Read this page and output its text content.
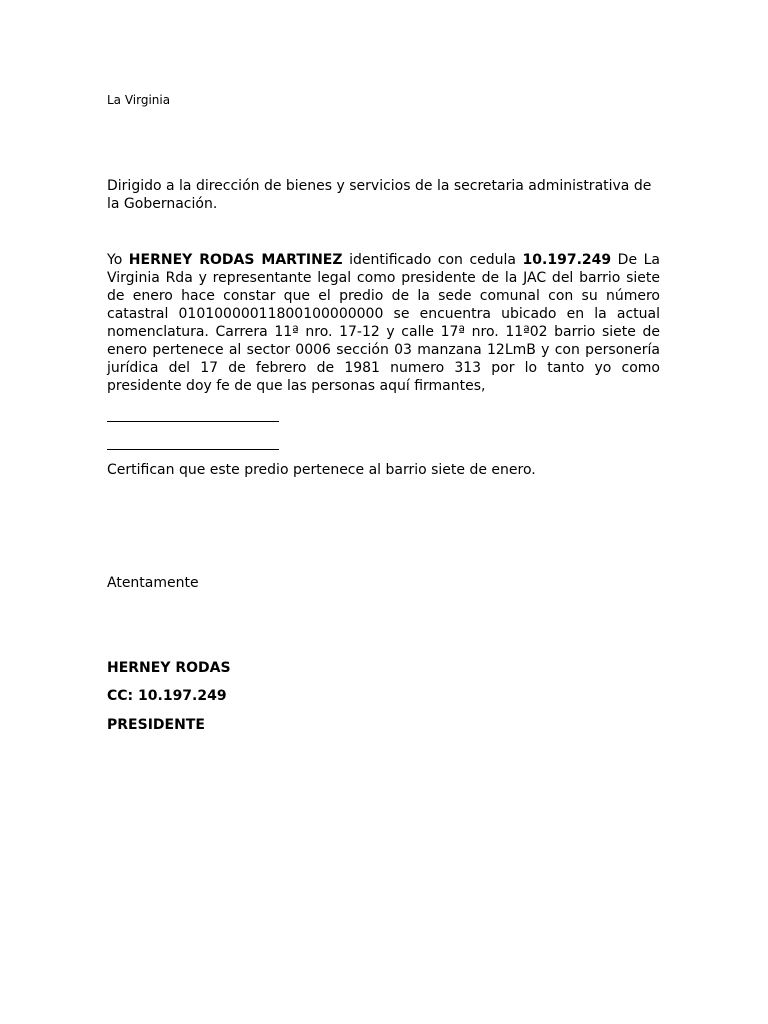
La Virginia
Dirigido a la dirección de bienes y servicios de la secretaria administrativa de la Gobernación.
Yo HERNEY RODAS MARTINEZ identificado con cedula 10.197.249 De La Virginia Rda y representante legal como presidente de la JAC del barrio siete de enero hace constar que el predio de la sede comunal con su número catastral 01010000011800100000000 se encuentra ubicado en la actual nomenclatura. Carrera 11ª nro. 17-12 y calle 17ª nro. 11ª02 barrio siete de enero pertenece al sector 0006 sección 03 manzana 12LmB y con personería jurídica del 17 de febrero de 1981 numero 313 por lo tanto yo como presidente doy fe de que las personas aquí firmantes,
Certifican que este predio pertenece al barrio siete de enero.
Atentamente
HERNEY RODAS
CC: 10.197.249
PRESIDENTE
